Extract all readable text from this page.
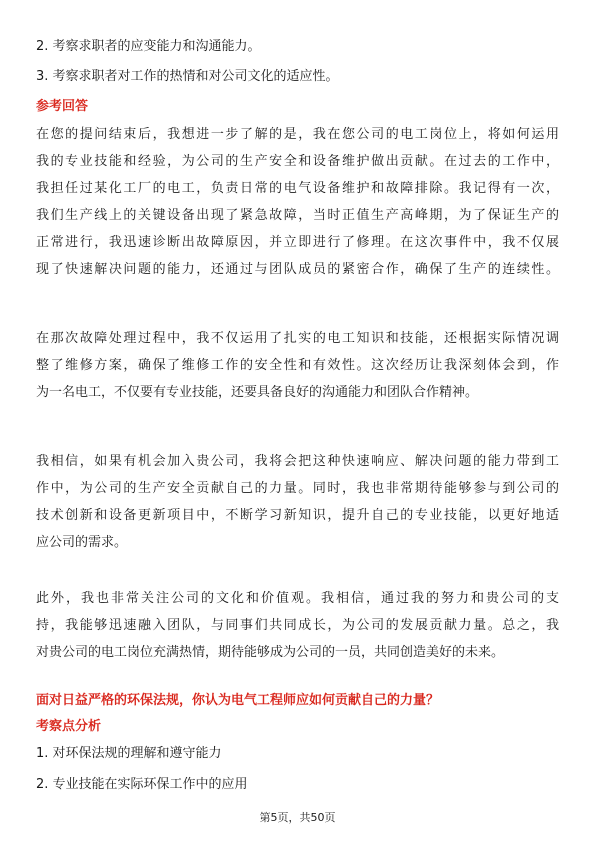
2. 考察求职者的应变能力和沟通能力。
3. 考察求职者对工作的热情和对公司文化的适应性。
参考回答
在您的提问结束后，我想进一步了解的是，我在您公司的电工岗位上，将如何运用
我的专业技能和经验，为公司的生产安全和设备维护做出贡献。在过去的工作中，
我担任过某化工厂的电工，负责日常的电气设备维护和故障排除。我记得有一次，
我们生产线上的关键设备出现了紧急故障，当时正值生产高峰期，为了保证生产的
正常进行，我迅速诊断出故障原因，并立即进行了修理。在这次事件中，我不仅展
现了快速解决问题的能力，还通过与团队成员的紧密合作，确保了生产的连续性。
在那次故障处理过程中，我不仅运用了扎实的电工知识和技能，还根据实际情况调
整了维修方案，确保了维修工作的安全性和有效性。这次经历让我深刻体会到，作
为一名电工，不仅要有专业技能，还要具备良好的沟通能力和团队合作精神。
我相信，如果有机会加入贵公司，我将会把这种快速响应、解决问题的能力带到工
作中，为公司的生产安全贡献自己的力量。同时，我也非常期待能够参与到公司的
技术创新和设备更新项目中，不断学习新知识，提升自己的专业技能，以更好地适
应公司的需求。
此外，我也非常关注公司的文化和价值观。我相信，通过我的努力和贵公司的支
持，我能够迅速融入团队，与同事们共同成长，为公司的发展贡献力量。总之，我
对贵公司的电工岗位充满热情，期待能够成为公司的一员，共同创造美好的未来。
面对日益严格的环保法规，你认为电气工程师应如何贡献自己的力量？
考察点分析
1. 对环保法规的理解和遵守能力
2. 专业技能在实际环保工作中的应用
第5页，共50页
